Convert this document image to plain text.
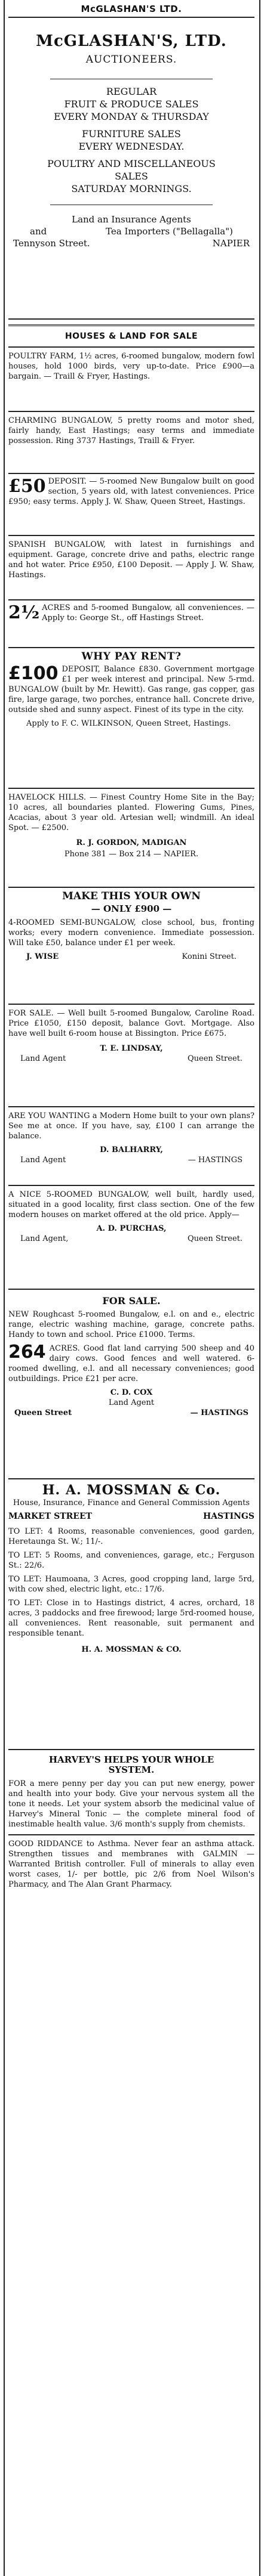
McGLASHAN'S LTD.
McGLASHAN'S, LTD.
AUCTIONEERS.
REGULAR
FRUIT & PRODUCE SALES
EVERY MONDAY & THURSDAY
FURNITURE SALES
EVERY WEDNESDAY.
POULTRY AND MISCELLANEOUS
SALES
SATURDAY MORNINGS.
Land an Insurance Agents
and	Tea Importers ("Bellagalla")
Tennyson Street.	NAPIER
HOUSES & LAND FOR SALE
POULTRY FARM, 1½ acres, 6-roomed bungalow, modern fowl houses, hold 1000 birds, very up-to-date. Price £900—a bargain. — Traill & Fryer, Hastings.
CHARMING BUNGALOW, 5 pretty rooms and motor shed, fairly handy, East Hastings; easy terms and immediate possession. Ring 3737 Hastings, Traill & Fryer.
£50 DEPOSIT. — 5-roomed New Bungalow built on good section, 5 years old, with latest conveniences. Price £950; easy terms. Apply J. W. Shaw, Queen Street, Hastings.
SPANISH BUNGALOW, with latest in furnishings and equipment. Garage, concrete drive and paths, electric range and hot water. Price £950, £100 Deposit. — Apply J. W. Shaw, Hastings.
2½ ACRES and 5-roomed Bungalow, all conveniences. — Apply to: George St., off Hastings Street.
WHY PAY RENT?
£100 DEPOSIT, Balance £830. Government mortgage £1 per week interest and principal. New 5-rmd. BUNGALOW (built by Mr. Hewitt). Gas range, gas copper, gas fire, large garage, two porches, entrance hall. Concrete drive, outside shed and sunny aspect. Finest of its type in the city.
Apply to F. C. WILKINSON, Queen Street, Hastings.
HAVELOCK HILLS. — Finest Country Home Site in the Bay; 10 acres, all boundaries planted. Flowering Gums, Pines, Acacias, about 3 year old. Artesian well; windmill. An ideal Spot. — £2500.
R. J. GORDON, MADIGAN
Phone 381 — Box 214 — NAPIER.
MAKE THIS YOUR OWN
— ONLY £900 —
4-ROOMED SEMI-BUNGALOW, close school, bus, fronting works; every modern convenience. Immediate possession. Will take £50, balance under £1 per week.
J. WISE	Konini Street.
FOR SALE. — Well built 5-roomed Bungalow, Caroline Road. Price £1050, £150 deposit, balance Govt. Mortgage. Also have well built 6-room house at Bissington. Price £675.
T. E. LINDSAY,
Land Agent	Queen Street.
ARE YOU WANTING a Modern Home built to your own plans? See me at once. If you have, say, £100 I can arrange the balance.
D. BALHARRY,
Land Agent	— HASTINGS
A NICE 5-ROOMED BUNGALOW, well built, hardly used, situated in a good locality, first class section. One of the few modern houses on market offered at the old price. Apply—
A. D. PURCHAS,
Land Agent,	Queen Street.
FOR SALE.
NEW Roughcast 5-roomed Bungalow, e.l. on and e., electric range, electric washing machine, garage, concrete paths. Handy to town and school. Price £1000. Terms.
264 ACRES. Good flat land carrying 500 sheep and 40 dairy cows. Good fences and well watered. 6-roomed dwelling, e.l. and all necessary conveniences; good outbuildings. Price £21 per acre.
C. D. COX
Land Agent
Queen Street	— HASTINGS
H. A. MOSSMAN & Co.
House, Insurance, Finance and General Commission Agents
MARKET STREET	HASTINGS
TO LET: 4 Rooms, reasonable conveniences, good garden, Heretaunga St. W.; 11/-.
TO LET: 5 Rooms, and conveniences, garage, etc.; Ferguson St.: 22/6.
TO LET: Haumoana, 3 Acres, good cropping land, large 5rd, with cow shed, electric light, etc.: 17/6.
TO LET: Close in to Hastings district, 4 acres, orchard, 18 acres, 3 paddocks and free firewood; large 5rd-roomed house, all conveniences. Rent reasonable, suit permanent and responsible tenant.
H. A. MOSSMAN & CO.
HARVEY'S HELPS YOUR WHOLE
SYSTEM.
FOR a mere penny per day you can put new energy, power and health into your body. Give your nervous system all the tone it needs. Let your system absorb the medicinal value of Harvey's Mineral Tonic — the complete mineral food of inestimable health value. 3/6 month's supply from chemists.
GOOD RIDDANCE to Asthma. Never fear an asthma attack. Strengthen tissues and membranes with GALMIN — Warranted British controller. Full of minerals to allay even worst cases, 1/- per bottle, pic 2/6 from Noel Wilson's Pharmacy, and The Alan Grant Pharmacy.
